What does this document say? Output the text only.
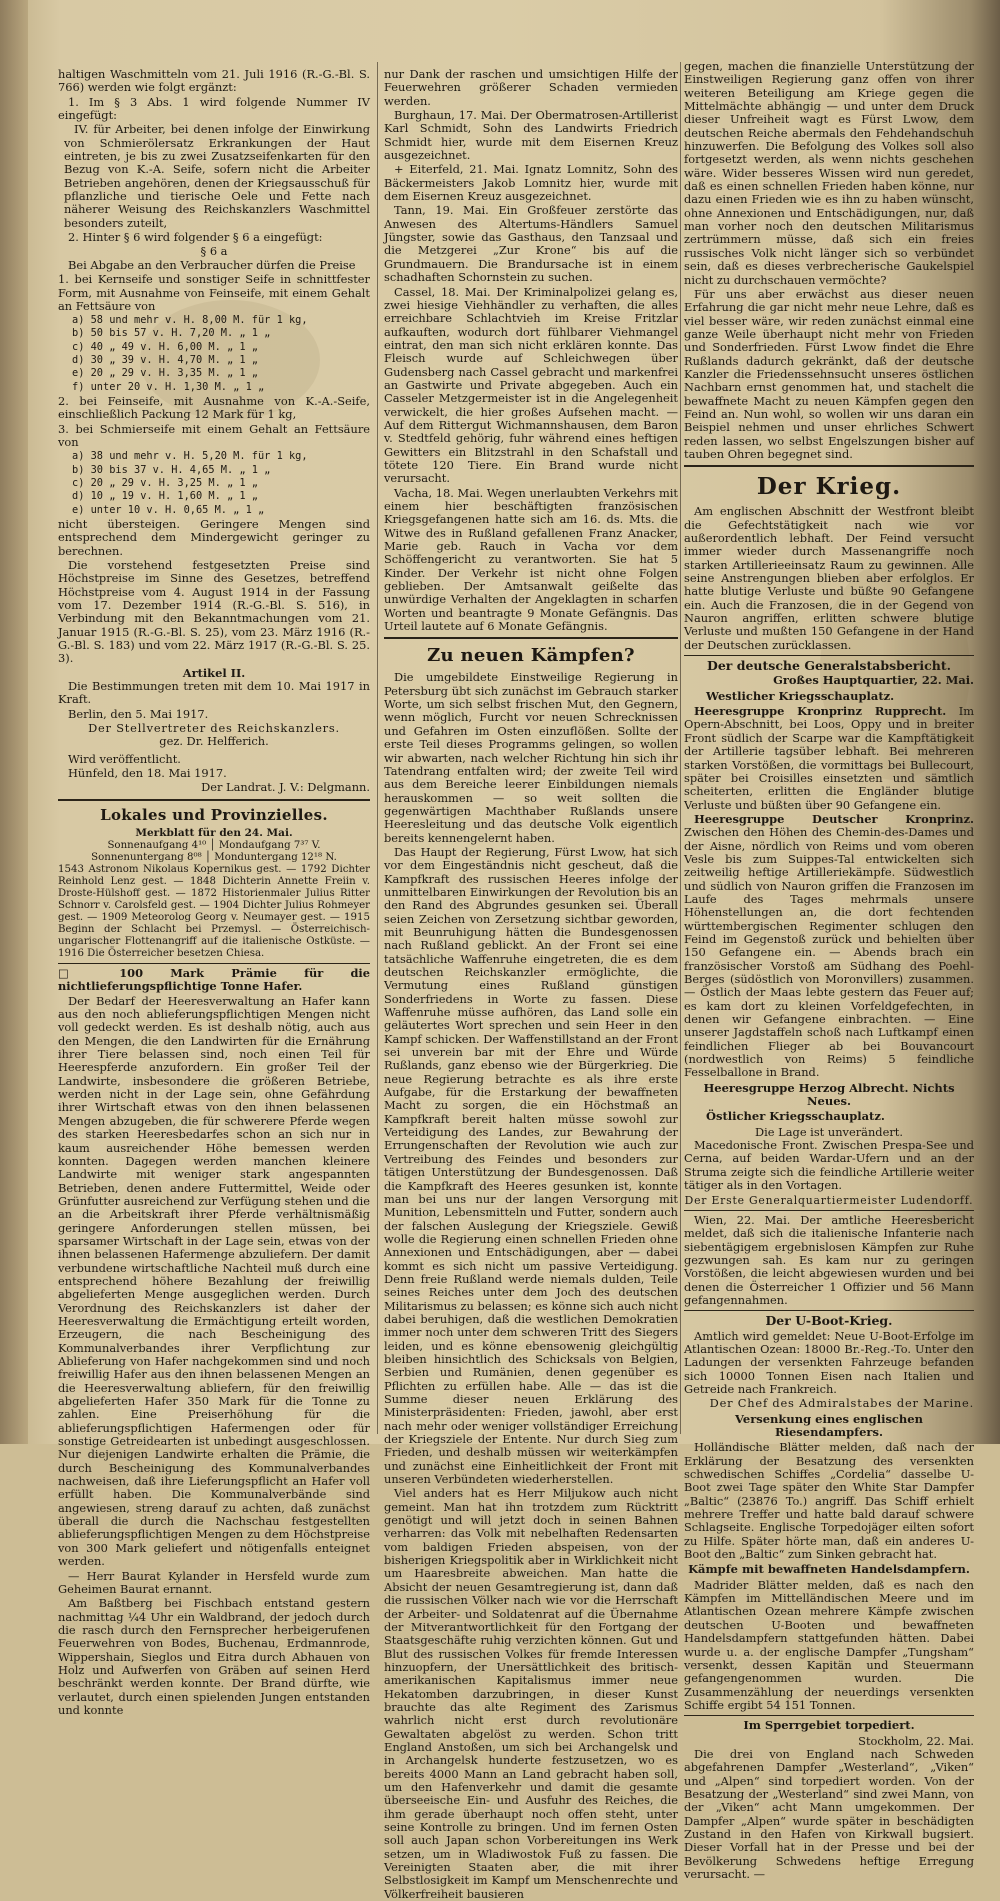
haltigen Waschmitteln vom 21. Juli 1916 (R.-G.-Bl. S. 766) werden wie folgt ergänzt:

1. Im § 3 Abs. 1 wird folgende Nummer IV eingefügt:

IV. für Arbeiter, bei denen infolge der Einwirkung von Schmierölersatz Erkrankungen der Haut eintreten, je bis zu zwei Zusatzseifenkarten für den Bezug von K.-A. Seife, sofern nicht die Arbeiter Betrieben angehören, denen der Kriegsausschuß für pflanzliche und tierische Oele und Fette nach näherer Weisung des Reichskanzlers Waschmittel besonders zuteilt,

2. Hinter § 6 wird folgender § 6 a eingefügt:

§ 6 a

Bei Abgabe an den Verbraucher dürfen die Preise

1. bei Kernseife und sonstiger Seife in schnittfester Form, mit Ausnahme von Feinseife, mit einem Gehalt an Fettsäure von

a) 58 und mehr v. H. 8,00 M. für 1 kg,
b) 50 bis 57 v. H. 7,20 M. „ 1 „
c) 40 „ 49 v. H. 6,00 M. „ 1 „
d) 30 „ 39 v. H. 4,70 M. „ 1 „
e) 20 „ 29 v. H. 3,35 M. „ 1 „
f) unter 20 v. H. 1,30 M. „ 1 „

2. bei Feinseife, mit Ausnahme von K.-A.-Seife, einschließlich Packung 12 Mark für 1 kg,

3. bei Schmierseife mit einem Gehalt an Fettsäure von

a) 38 und mehr v. H. 5,20 M. für 1 kg,
b) 30 bis 37 v. H. 4,65 M. „ 1 „
c) 20 „ 29 v. H. 3,25 M. „ 1 „
d) 10 „ 19 v. H. 1,60 M. „ 1 „
e) unter 10 v. H. 0,65 M. „ 1 „

nicht übersteigen. Geringere Mengen sind entsprechend dem Mindergewicht geringer zu berechnen.

Die vorstehend festgesetzten Preise sind Höchstpreise im Sinne des Gesetzes, betreffend Höchstpreise vom 4. August 1914 in der Fassung vom 17. Dezember 1914 (R.-G.-Bl. S. 516), in Verbindung mit den Bekanntmachungen vom 21. Januar 1915 (R.-G.-Bl. S. 25), vom 23. März 1916 (R.-G.-Bl. S. 183) und vom 22. März 1917 (R.-G.-Bl. S. 25. 3).

Artikel II.

Die Bestimmungen treten mit dem 10. Mai 1917 in Kraft.

Berlin, den 5. Mai 1917.

Der Stellvertreter des Reichskanzlers.
gez. Dr. Helfferich.

Wird veröffentlicht.

Hünfeld, den 18. Mai 1917.

Der Landrat. J. V.: Delgmann.
Lokales und Provinzielles.
Merkblatt für den 24. Mai.
Sonnenaufgang 4¹⁰ │ Mondaufgang 7³⁷ V.
Sonnenuntergang 8⁰⁸ │ Monduntergang 12¹⁸ N.

1543 Astronom Nikolaus Kopernikus gest. — 1792 Dichter Reinhold Lenz gest. — 1848 Dichterin Annette Freiin v. Droste-Hülshoff gest. — 1872 Historienmaler Julius Ritter Schnorr v. Carolsfeld gest. — 1904 Dichter Julius Rohmeyer gest. — 1909 Meteorolog Georg v. Neumayer gest. — 1915 Beginn der Schlacht bei Przemysl. — Österreichisch-ungarischer Flottenangriff auf die italienische Ostküste. — 1916 Die Österreicher besetzen Chiesa.

□ 100 Mark Prämie für die nichtlieferungspflichtige Tonne Hafer.

Der Bedarf der Heeresverwaltung an Hafer kann aus den noch ablieferungspflichtigen Mengen nicht voll gedeckt werden. Es ist deshalb nötig, auch aus den Mengen, die den Landwirten für die Ernährung ihrer Tiere belassen sind, noch einen Teil für Heerespferde anzufordern. Ein großer Teil der Landwirte, insbesondere die größeren Betriebe, werden nicht in der Lage sein, ohne Gefährdung ihrer Wirtschaft etwas von den ihnen belassenen Mengen abzugeben, die für schwerere Pferde wegen des starken Heeresbedarfes schon an sich nur in kaum ausreichender Höhe bemessen werden konnten. Dagegen werden manchen kleinere Landwirte mit weniger stark angespannten Betrieben, denen andere Futtermittel, Weide oder Grünfutter ausreichend zur Verfügung stehen und die an die Arbeitskraft ihrer Pferde verhältnismäßig geringere Anforderungen stellen müssen, bei sparsamer Wirtschaft in der Lage sein, etwas von der ihnen belassenen Hafermenge abzuliefern. Der damit verbundene wirtschaftliche Nachteil muß durch eine entsprechend höhere Bezahlung der freiwillig abgelieferten Menge ausgeglichen werden. Durch Verordnung des Reichskanzlers ist daher der Heeresverwaltung die Ermächtigung erteilt worden, Erzeugern, die nach Bescheinigung des Kommunalverbandes ihrer Verpflichtung zur Ablieferung von Hafer nachgekommen sind und noch freiwillig Hafer aus den ihnen belassenen Mengen an die Heeresverwaltung abliefern, für den freiwillig abgelieferten Hafer 350 Mark für die Tonne zu zahlen. Eine Preiserhöhung für die ablieferungspflichtigen Hafermengen oder für sonstige Getreidearten ist unbedingt ausgeschlossen. Nur diejenigen Landwirte erhalten die Prämie, die durch Bescheinigung des Kommunalverbandes nachweisen, daß ihre Lieferungspflicht an Hafer voll erfüllt haben. Die Kommunalverbände sind angewiesen, streng darauf zu achten, daß zunächst überall die durch die Nachschau festgestellten ablieferungspflichtigen Mengen zu dem Höchstpreise von 300 Mark geliefert und nötigenfalls enteignet werden.

— Herr Baurat Kylander in Hersfeld wurde zum Geheimen Baurat ernannt.

Am Baßtberg bei Fischbach entstand gestern nachmittag ¼4 Uhr ein Waldbrand, der jedoch durch die rasch durch den Fernsprecher herbeigerufenen Feuerwehren von Bodes, Buchenau, Erdmannrode, Wippershain, Sieglos und Eitra durch Abhauen von Holz und Aufwerfen von Gräben auf seinen Herd beschränkt werden konnte. Der Brand dürfte, wie verlautet, durch einen spielenden Jungen entstanden und konnte

nur Dank der raschen und umsichtigen Hilfe der Feuerwehren größerer Schaden vermieden werden.

Burghaun, 17. Mai. Der Obermatrosen-Artillerist Karl Schmidt, Sohn des Landwirts Friedrich Schmidt hier, wurde mit dem Eisernen Kreuz ausgezeichnet.

+ Eiterfeld, 21. Mai. Ignatz Lomnitz, Sohn des Bäckermeisters Jakob Lomnitz hier, wurde mit dem Eisernen Kreuz ausgezeichnet.

Tann, 19. Mai. Ein Großfeuer zerstörte das Anwesen des Altertums-Händlers Samuel Jüngster, sowie das Gasthaus, den Tanzsaal und die Metzgerei „Zur Krone“ bis auf die Grundmauern. Die Brandursache ist in einem schadhaften Schornstein zu suchen.

Cassel, 18. Mai. Der Kriminalpolizei gelang es, zwei hiesige Viehhändler zu verhaften, die alles erreichbare Schlachtvieh im Kreise Fritzlar aufkauften, wodurch dort fühlbarer Viehmangel eintrat, den man sich nicht erklären konnte. Das Fleisch wurde auf Schleichwegen über Gudensberg nach Cassel gebracht und markenfrei an Gastwirte und Private abgegeben. Auch ein Casseler Metzgermeister ist in die Angelegenheit verwickelt, die hier großes Aufsehen macht. — Auf dem Rittergut Wichmannshausen, dem Baron v. Stedtfeld gehörig, fuhr während eines heftigen Gewitters ein Blitzstrahl in den Schafstall und tötete 120 Tiere. Ein Brand wurde nicht verursacht.

Vacha, 18. Mai. Wegen unerlaubten Verkehrs mit einem hier beschäftigten französischen Kriegsgefangenen hatte sich am 16. ds. Mts. die Witwe des in Rußland gefallenen Franz Anacker, Marie geb. Rauch in Vacha vor dem Schöffengericht zu verantworten. Sie hat 5 Kinder. Der Verkehr ist nicht ohne Folgen geblieben. Der Amtsanwalt geißelte das unwürdige Verhalten der Angeklagten in scharfen Worten und beantragte 9 Monate Gefängnis. Das Urteil lautete auf 6 Monate Gefängnis.

Zu neuen Kämpfen?

Die umgebildete Einstweilige Regierung in Petersburg übt sich zunächst im Gebrauch starker Worte, um sich selbst frischen Mut, den Gegnern, wenn möglich, Furcht vor neuen Schrecknissen und Gefahren im Osten einzuflößen. Sollte der erste Teil dieses Programms gelingen, so wollen wir abwarten, nach welcher Richtung hin sich ihr Tatendrang entfalten wird; der zweite Teil wird aus dem Bereiche leerer Einbildungen niemals herauskommen — so weit sollten die gegenwärtigen Machthaber Rußlands unsere Heeresleitung und das deutsche Volk eigentlich bereits kennengelernt haben.

Das Haupt der Regierung, Fürst Lwow, hat sich vor dem Eingeständnis nicht gescheut, daß die Kampfkraft des russischen Heeres infolge der unmittelbaren Einwirkungen der Revolution bis an den Rand des Abgrundes gesunken sei. Überall seien Zeichen von Zersetzung sichtbar geworden, mit Beunruhigung hätten die Bundesgenossen nach Rußland geblickt. An der Front sei eine tatsächliche Waffenruhe eingetreten, die es dem deutschen Reichskanzler ermöglichte, die Vermutung eines Rußland günstigen Sonderfriedens in Worte zu fassen. Diese Waffenruhe müsse aufhören, das Land solle ein geläutertes Wort sprechen und sein Heer in den Kampf schicken. Der Waffenstillstand an der Front sei unverein bar mit der Ehre und Würde Rußlands, ganz ebenso wie der Bürgerkrieg. Die neue Regierung betrachte es als ihre erste Aufgabe, für die Erstarkung der bewaffneten Macht zu sorgen, die ein Höchstmaß an Kampfkraft bereit halten müsse sowohl zur Verteidigung des Landes, zur Bewahrung der Errungenschaften der Revolution wie auch zur Vertreibung des Feindes und besonders zur tätigen Unterstützung der Bundesgenossen. Daß die Kampfkraft des Heeres gesunken ist, konnte man bei uns nur der langen Versorgung mit Munition, Lebensmitteln und Futter, sondern auch der falschen Auslegung der Kriegsziele. Gewiß wolle die Regierung einen schnellen Frieden ohne Annexionen und Entschädigungen, aber — dabei kommt es sich nicht um passive Verteidigung. Denn freie Rußland werde niemals dulden, Teile seines Reiches unter dem Joch des deutschen Militarismus zu belassen; es könne sich auch nicht dabei beruhigen, daß die westlichen Demokratien immer noch unter dem schweren Tritt des Siegers leiden, und es könne ebensowenig gleichgültig bleiben hinsichtlich des Schicksals von Belgien, Serbien und Rumänien, denen gegenüber es Pflichten zu erfüllen habe. Alle — das ist die Summe dieser neuen Erklärung des Ministerpräsidenten: Frieden, jawohl, aber erst nach mehr oder weniger vollständiger Erreichung der Kriegsziele der Entente. Nur durch Sieg zum Frieden, und deshalb müssen wir weiterkämpfen und zunächst eine Einheitlichkeit der Front mit unseren Verbündeten wiederherstellen.

Viel anders hat es Herr Miljukow auch nicht gemeint. Man hat ihn trotzdem zum Rücktritt genötigt und will jetzt doch in seinen Bahnen verharren: das Volk mit nebelhaften Redensarten vom baldigen Frieden abspeisen, von der bisherigen Kriegspolitik aber in Wirklichkeit nicht um Haaresbreite abweichen. Man hatte die Absicht der neuen Gesamtregierung ist, dann daß die russischen Völker nach wie vor die Herrschaft der Arbeiter- und Soldatenrat auf die Übernahme der Mitverantwortlichkeit für den Fortgang der Staatsgeschäfte ruhig verzichten können. Gut und Blut des russischen Volkes für fremde Interessen hinzuopfern, der Unersättlichkeit des britisch-amerikanischen Kapitalismus immer neue Hekatomben darzubringen, in dieser Kunst brauchte das alte Regiment des Zarismus wahrlich nicht erst durch revolutionäre Gewaltaten abgelöst zu werden. Schon tritt England Anstoßen, um sich bei Archangelsk und in Archangelsk hunderte festzusetzen, wo es bereits 4000 Mann an Land gebracht haben soll, um den Hafenverkehr und damit die gesamte überseeische Ein- und Ausfuhr des Reiches, die ihm gerade überhaupt noch offen steht, unter seine Kontrolle zu bringen. Und im fernen Osten soll auch Japan schon Vorbereitungen ins Werk setzen, um in Wladiwostok Fuß zu fassen. Die Vereinigten Staaten aber, die mit ihrer Selbstlosigkeit im Kampf um Menschenrechte und Völkerfreiheit bausieren

gegen, machen die finanzielle Unterstützung der Einstweiligen Regierung ganz offen von ihrer weiteren Beteiligung am Kriege gegen die Mittelmächte abhängig — und unter dem Druck dieser Unfreiheit wagt es Fürst Lwow, dem deutschen Reiche abermals den Fehdehandschuh hinzuwerfen. Die Befolgung des Volkes soll also fortgesetzt werden, als wenn nichts geschehen wäre. Wider besseres Wissen wird nun geredet, daß es einen schnellen Frieden haben könne, nur dazu einen Frieden wie es ihn zu haben wünscht, ohne Annexionen und Entschädigungen, nur, daß man vorher noch den deutschen Militarismus zertrümmern müsse, daß sich ein freies russisches Volk nicht länger sich so verbündet sein, daß es dieses verbrecherische Gaukelspiel nicht zu durchschauen vermöchte?

Für uns aber erwächst aus dieser neuen Erfahrung die gar nicht mehr neue Lehre, daß es viel besser wäre, wir reden zunächst einmal eine ganze Weile überhaupt nicht mehr von Frieden und Sonderfrieden. Fürst Lwow findet die Ehre Rußlands dadurch gekränkt, daß der deutsche Kanzler die Friedenssehnsucht unseres östlichen Nachbarn ernst genommen hat, und stachelt die bewaffnete Macht zu neuen Kämpfen gegen den Feind an. Nun wohl, so wollen wir uns daran ein Beispiel nehmen und unser ehrliches Schwert reden lassen, wo selbst Engelszungen bisher auf tauben Ohren begegnet sind.

Der Krieg.

Am englischen Abschnitt der Westfront bleibt die Gefechtstätigkeit nach wie vor außerordentlich lebhaft. Der Feind versucht immer wieder durch Massenangriffe noch starken Artillerieeinsatz Raum zu gewinnen. Alle seine Anstrengungen blieben aber erfolglos. Er hatte blutige Verluste und büßte 90 Gefangene ein. Auch die Franzosen, die in der Gegend von Nauron angriffen, erlitten schwere blutige Verluste und mußten 150 Gefangene in der Hand der Deutschen zurücklassen.

Der deutsche Generalstabsbericht.
Großes Hauptquartier, 22. Mai.
Westlicher Kriegsschauplatz.

Heeresgruppe Kronprinz Rupprecht. Im Opern-Abschnitt, bei Loos, Oppy und in breiter Front südlich der Scarpe war die Kampftätigkeit der Artillerie tagsüber lebhaft. Bei mehreren starken Vorstößen, die vormittags bei Bullecourt, später bei Croisilles einsetzten und sämtlich scheiterten, erlitten die Engländer blutige Verluste und büßten über 90 Gefangene ein.

Heeresgruppe Deutscher Kronprinz. Zwischen den Höhen des Chemin-des-Dames und der Aisne, nördlich von Reims und vom oberen Vesle bis zum Suippes-Tal entwickelten sich zeitweilig heftige Artilleriekämpfe. Südwestlich und südlich von Nauron griffen die Franzosen im Laufe des Tages mehrmals unsere Höhenstellungen an, die dort fechtenden württembergischen Regimenter schlugen den Feind im Gegenstoß zurück und behielten über 150 Gefangene ein. — Abends brach ein französischer Vorstoß am Südhang des Poehl-Berges (südöstlich von Moronvillers) zusammen. — Östlich der Maas lebte gestern das Feuer auf; es kam dort zu kleinen Vorfeldgefechten, in denen wir Gefangene einbrachten. — Eine unserer Jagdstaffeln schoß nach Luftkampf einen feindlichen Flieger ab bei Bouvancourt (nordwestlich von Reims) 5 feindliche Fesselballone in Brand.

Heeresgruppe Herzog Albrecht. Nichts Neues.
Östlicher Kriegsschauplatz.
Die Lage ist unverändert.

Macedonische Front. Zwischen Prespa-See und Cerna, auf beiden Wardar-Ufern und an der Struma zeigte sich die feindliche Artillerie weiter tätiger als in den Vortagen.

Der Erste Generalquartiermeister Ludendorff.

Wien, 22. Mai. Der amtliche Heeresbericht meldet, daß sich die italienische Infanterie nach siebentägigem ergebnislosen Kämpfen zur Ruhe gezwungen sah. Es kam nur zu geringen Vorstößen, die leicht abgewiesen wurden und bei denen die Österreicher 1 Offizier und 56 Mann gefangennahmen.

Der U-Boot-Krieg.

Amtlich wird gemeldet: Neue U-Boot-Erfolge im Atlantischen Ozean: 18000 Br.-Reg.-To. Unter den Ladungen der versenkten Fahrzeuge befanden sich 10000 Tonnen Eisen nach Italien und Getreide nach Frankreich.

Der Chef des Admiralstabes der Marine.
Versenkung eines englischen Riesendampfers.

Holländische Blätter melden, daß nach der Erklärung der Besatzung des versenkten schwedischen Schiffes „Cordelia“ dasselbe U-Boot zwei Tage später den White Star Dampfer „Baltic“ (23876 To.) angriff. Das Schiff erhielt mehrere Treffer und hatte bald darauf schwere Schlagseite. Englische Torpedojäger eilten sofort zu Hilfe. Später hörte man, daß ein anderes U-Boot den „Baltic“ zum Sinken gebracht hat.

Kämpfe mit bewaffneten Handelsdampfern.

Madrider Blätter melden, daß es nach den Kämpfen im Mittelländischen Meere und im Atlantischen Ozean mehrere Kämpfe zwischen deutschen U-Booten und bewaffneten Handelsdampfern stattgefunden hätten. Dabei wurde u. a. der englische Dampfer „Tungsham“ versenkt, dessen Kapitän und Steuermann gefangengenommen wurden. Die Zusammenzählung der neuerdings versenkten Schiffe ergibt 54 151 Tonnen.

Im Sperrgebiet torpediert.
Stockholm, 22. Mai.

Die drei von England nach Schweden abgefahrenen Dampfer „Westerland“, „Viken“ und „Alpen“ sind torpediert worden. Von der Besatzung der „Westerland“ sind zwei Mann, von der „Viken“ acht Mann umgekommen. Der Dampfer „Alpen“ wurde später in beschädigten Zustand in den Hafen von Kirkwall bugsiert. Dieser Vorfall hat in der Presse und bei der Bevölkerung Schwedens heftige Erregung verursacht. —
